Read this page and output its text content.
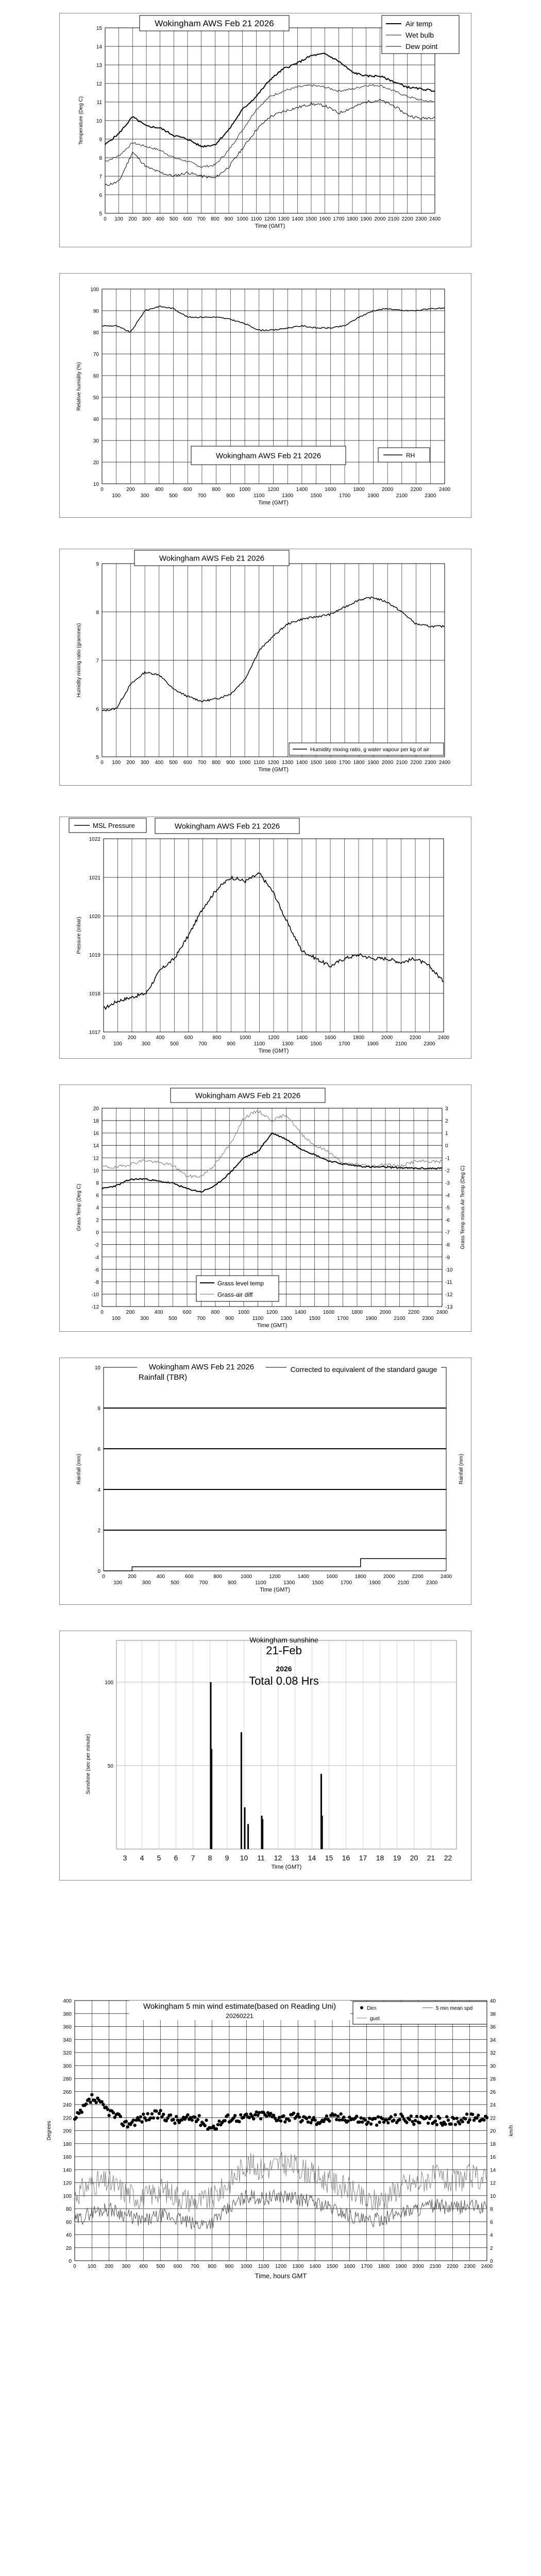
15
14
13
12
11
10
9
8
7
6
5
0 100 200 300 400 500 600 700 800 900 1000 1100 1200 1300 1400 1500 1600 1700 1800 1900 2000 2100 2200 2300 2400
Time (GMT)
Temperature (Deg C)
Wokingham AWS Feb 21 2026	Air temp
Wet bulb
Dew point
100
90
80
70
60
50
40
30
20
10
0	200	400	600	800	1000	1200	1400	1600	1800	2000	2200	2400
100	300	500	700	900	1100	1300	1500	1700	1900	2100	2300
Time (GMT)
Relative humidity (%)
Wokingham AWS Feb 21 2026	RH
9
8
7
6
5
0 100 200 300 400 500 600 700 800 900 1000 1100 1200 1300 1400 1500 1600 1700 1800 1900 2000 2100 2200 2300 2400
Time (GMT)
Humidity mixing ratio (grammes)
Wokingham AWS Feb 21 2026
Humidity mixing ratio, g water vapour per kg of air
1022
1021
1020
1019
1018
1017
0	200	400	600	800	1000	1200	1400	1600	1800	2000	2200	2400
100	300	500	700	900	1100	1300	1500	1700	1900	2100	2300
Time (GMT)
Pressure (mbar)
MSL Pressure	Wokingham AWS Feb 21 2026
20
18
16
14
12
10
8
6
4
2
0
-2
-4
-6
-8
-10
-12
3
2
1
0
-1
-2
-3
-4
-5
-6
-7
-8
-9
-10
-11
-12
-13
0	200	400	600	800	1000	1200	1400	1600	1800	2000	2200	2400
100	300	500	700	900	1100	1300	1500	1700	1900	2100	2300
Time (GMT)
Grass Temp (Deg C)	Grass Temp minus Air Temp (Deg C)
Wokingham AWS Feb 21 2026
Grass level temp
Grass-air diff
10
8
6
4
2
0
0	200	400	600	800	1000	1200	1400	1600	1800	2000	2200	2400
100	300	500	700	900	1100	1300	1500	1700	1900	2100	2300
Time (GMT)
Rainfall (mm)	Rainfall (mm)
Wokingham AWS Feb 21 2026
Rainfall (TBR)
Corrected to equivalent of the standard gauge
100
50
3 4 5 6 7 8 9 10 11 12 13 14 15 16 17 18 19 20 21 22
Time (GMT)
Sunshine (sec per minute)
Wokingham sunshine
21-Feb
2026
Total 0.08 Hrs
400
380
360
340
320
300
280
260
240
220
200
180
160
140
120
100
80
60
40
20
0
40
38
36
34
32
30
28
26
24
22
20
18
16
14
12
10
8
6
4
2
0
0 100 200 300 400 500 600 700 800 900 1000 1100 1200 1300 1400 1500 1600 1700 1800 1900 2000 2100 2200 2300 2400
Time, hours GMT
Degrees	km/h
Wokingham 5 min wind estimate(based on Reading Uni)
20260221
Dirn
gust
5 min mean spd
